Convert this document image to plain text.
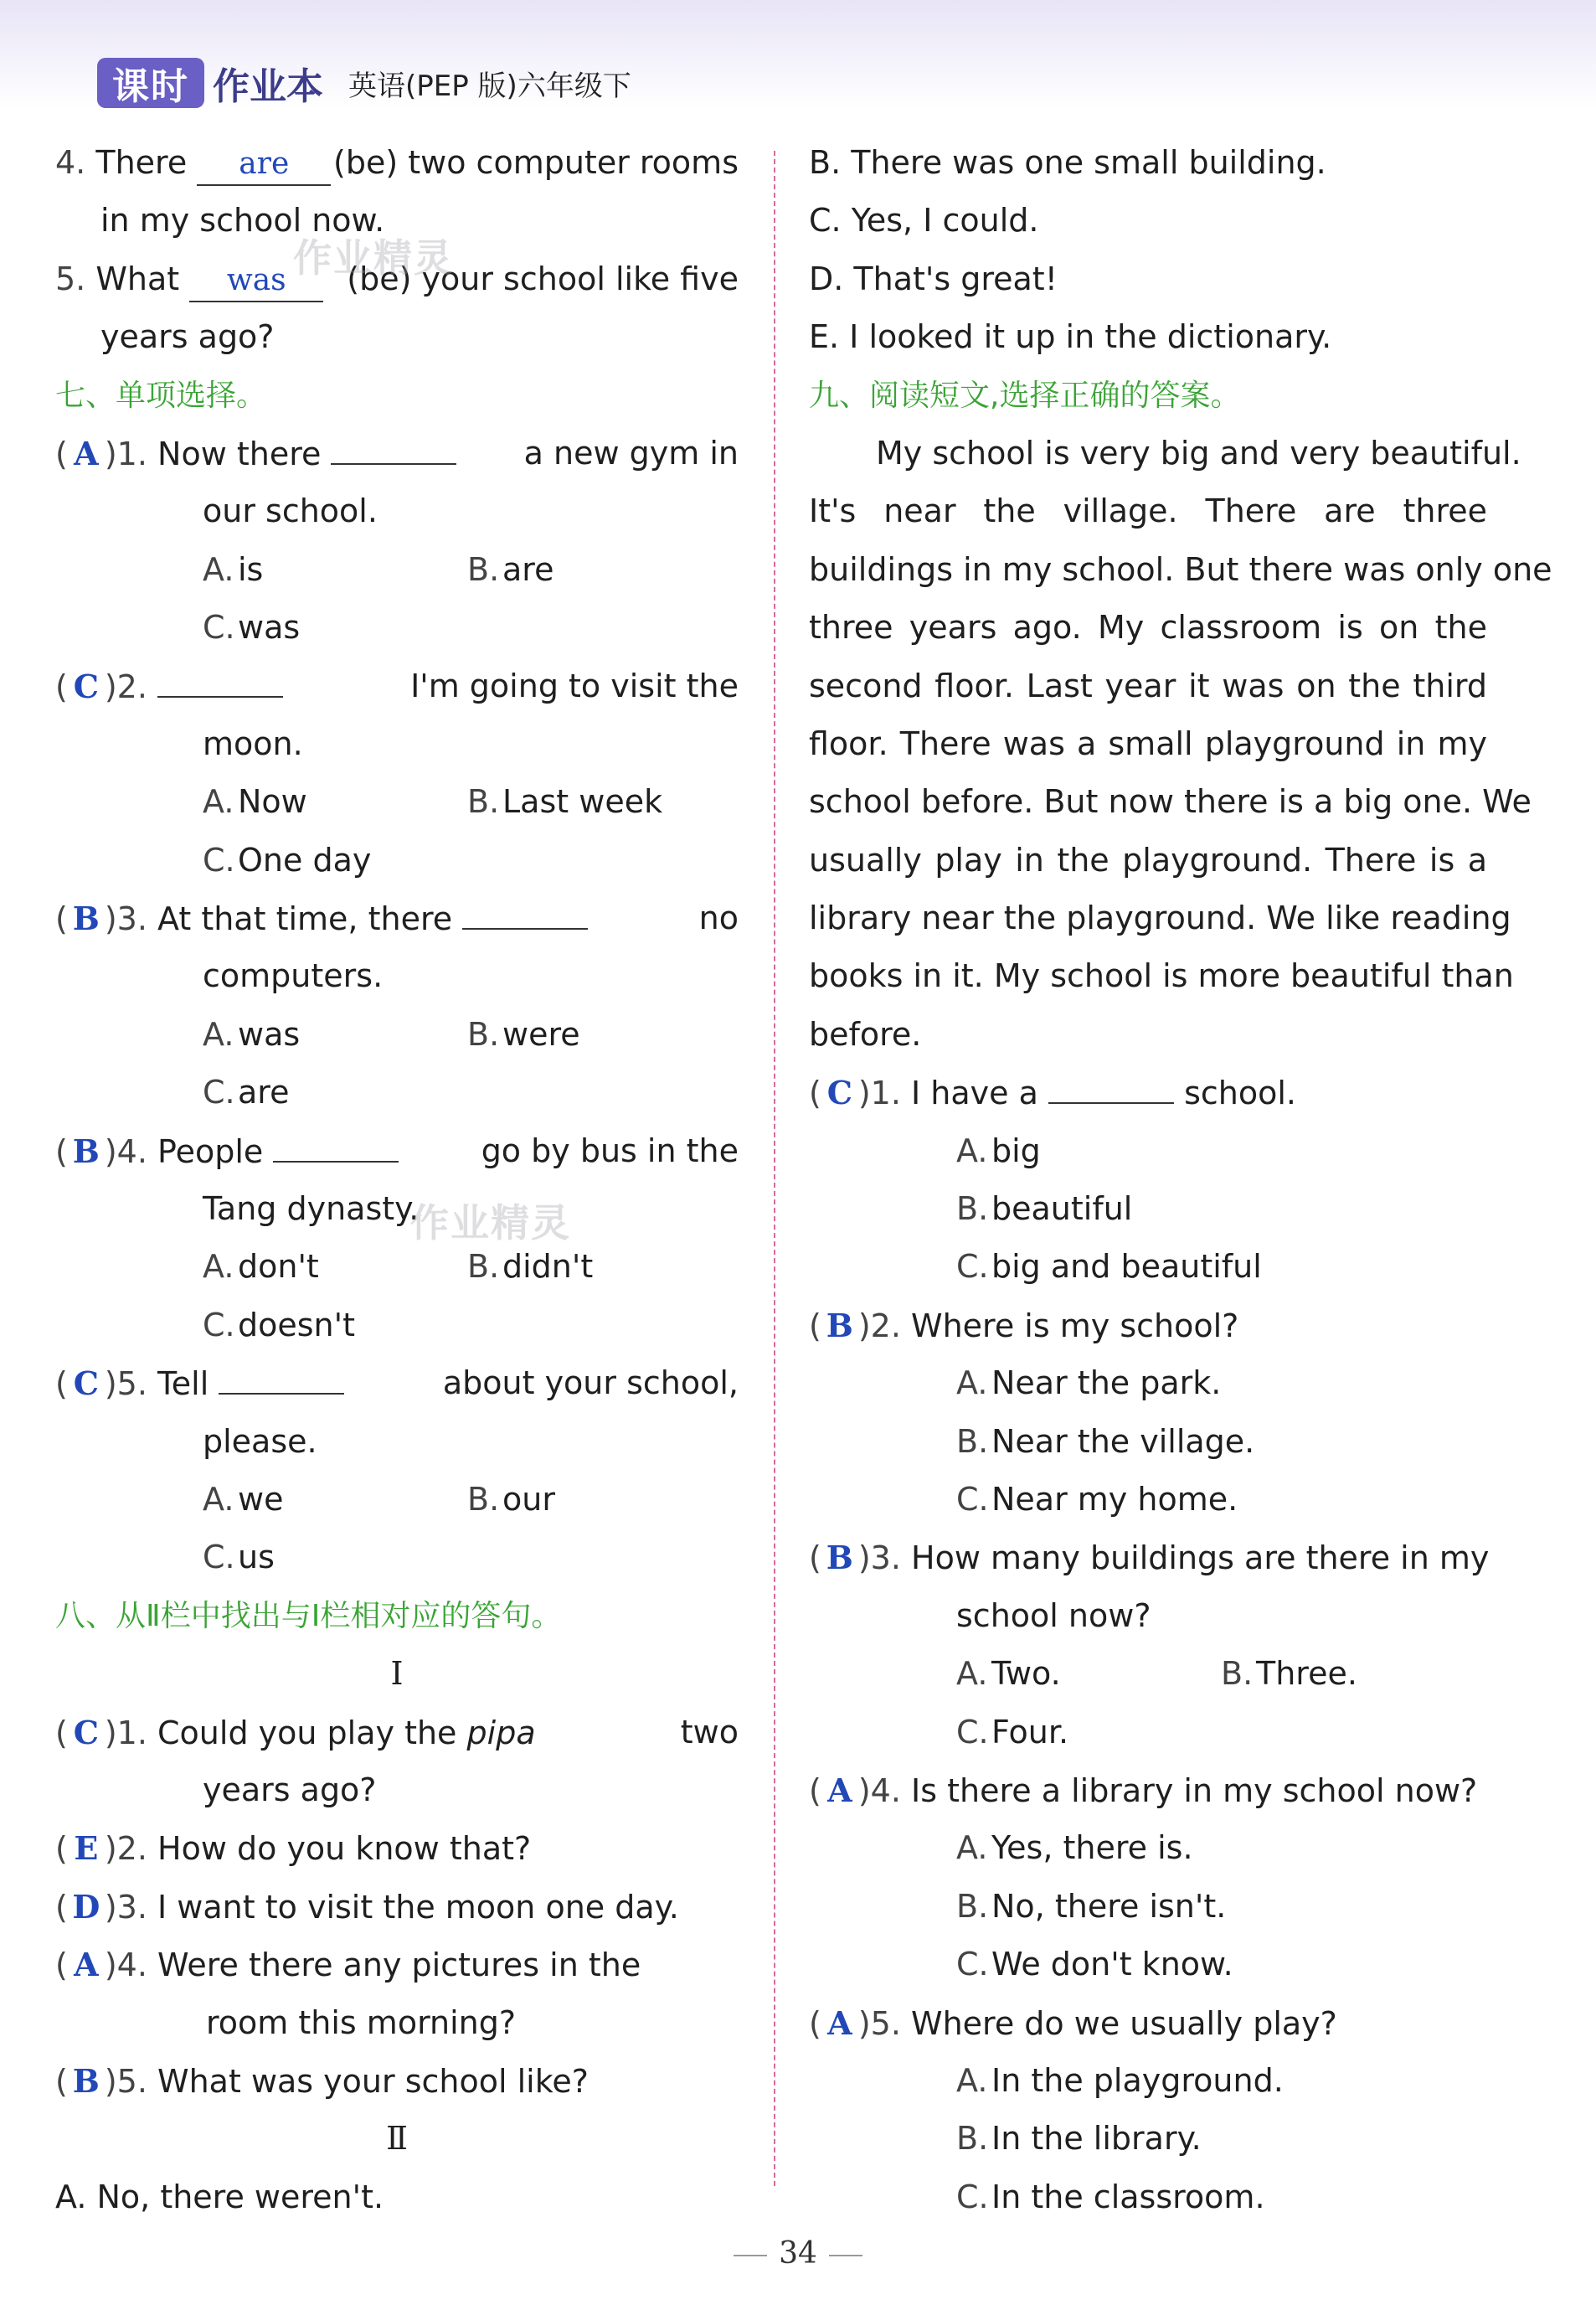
课时 作业本 英语(PEP 版)六年级下
4. There are	(be) two computer rooms
in my school now.
5. What was	(be) your school like five
years ago?
七、单项选择。
( A )1. Now there	a new gym in
our school.
A. is	B. are
C.was
( C )2.	I'm going to visit the
moon.
A. Now	B. Last week
C.One day
( B )3. At that time, there	no
computers.
A. was	B. were
C.are
( B )4. People	go by bus in the
Tang dynasty.
A. don't	B. didn't
C.doesn't
( C )5. Tell	about your school,
please.
A. we	B. our
C.us
八、从Ⅱ栏中找出与Ⅰ栏相对应的答句。
I
( C )1. Could you play the pipa	two
years ago?
( E )2. How do you know that?
( D )3. I want to visit the moon one day.
( A )4. Were there any pictures in the
room this morning?
( B )5. What was your school like?
Ⅱ
A. No, there weren't.
B. There was one small building.
C. Yes, I could.
D. That's great!
E. I looked it up in the dictionary.
九、阅读短文,选择正确的答案。
My school is very big and very beautiful.
It's near the village. There are three
buildings in my school. But there was only one
three years ago. My classroom is on the
second floor. Last year it was on the third
floor. There was a small playground in my
school before. But now there is a big one. We
usually play in the playground. There is a
library near the playground. We like reading
books in it. My school is more beautiful than
before.
( C )1. I have a	school.
A. big
B. beautiful
C.big and beautiful
( B )2. Where is my school?
A. Near the park.
B. Near the village.
C.Near my home.
( B )3. How many buildings are there in my
school now?
A. Two.	B. Three.
C.Four.
( A )4. Is there a library in my school now?
A. Yes, there is.
B. No, there isn't.
C.We don't know.
( A )5. Where do we usually play?
A. In the playground.
B. In the library.
C.In the classroom.
作业精灵
作业精灵
34
